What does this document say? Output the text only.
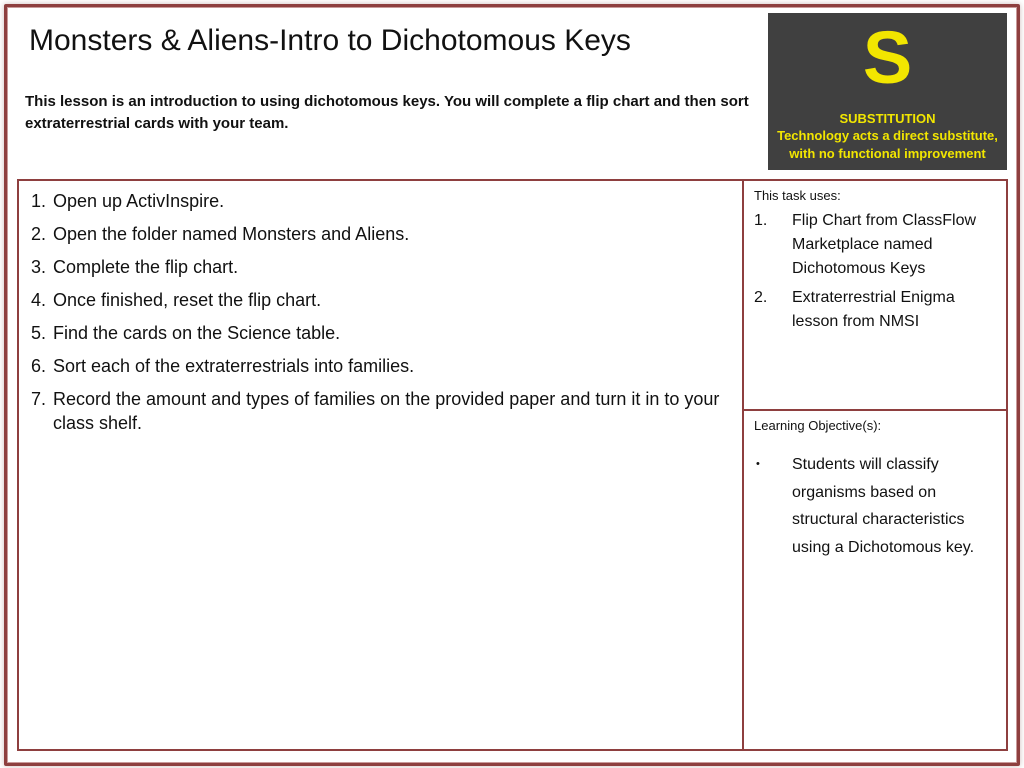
Monsters & Aliens-Intro to Dichotomous Keys

This lesson is an introduction to using dichotomous keys. You will complete a flip chart and then sort extraterrestrial cards with your team.

S
SUBSTITUTION
Technology acts a direct substitute, with no functional improvement
1. Open up ActivInspire.
2. Open the folder named Monsters and Aliens.
3. Complete the flip chart.
4. Once finished, reset the flip chart.
5. Find the cards on the Science table.
6. Sort each of the extraterrestrials into families.
7. Record the amount and types of families on the provided paper and turn it in to your class shelf.
This task uses:
1.	Flip Chart from ClassFlow Marketplace named Dichotomous Keys
2.	Extraterrestrial Enigma lesson from NMSI
Learning Objective(s):
•	Students will classify organisms based on structural characteristics using a Dichotomous key.
